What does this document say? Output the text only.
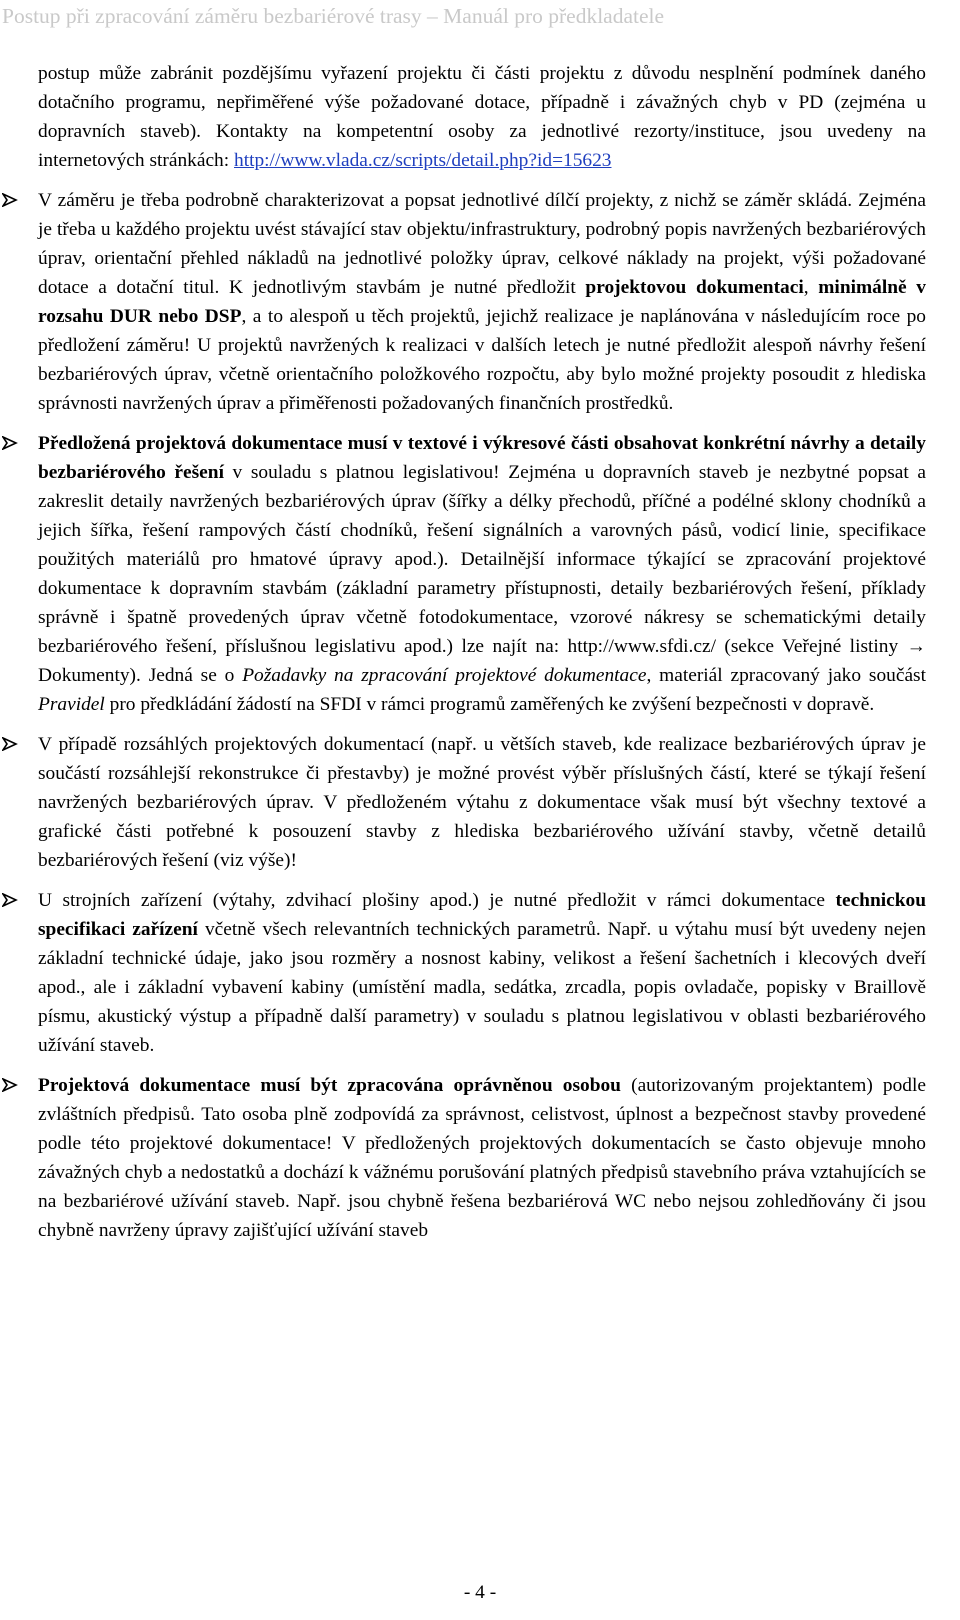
Postup při zpracování záměru bezbariérové trasy – Manuál pro předkladatele

postup může zabránit pozdějšímu vyřazení projektu či části projektu z důvodu nesplnění podmínek daného dotačního programu, nepřiměřené výše požadované dotace, případně i závažných chyb v PD (zejména u dopravních staveb). Kontakty na kompetentní osoby za jednotlivé rezorty/instituce, jsou uvedeny na internetových stránkách: http://www.vlada.cz/scripts/detail.php?id=15623

V záměru je třeba podrobně charakterizovat a popsat jednotlivé dílčí projekty, z nichž se záměr skládá. Zejména je třeba u každého projektu uvést stávající stav objektu/infrastruktury, podrobný popis navržených bezbariérových úprav, orientační přehled nákladů na jednotlivé položky úprav, celkové náklady na projekt, výši požadované dotace a dotační titul. K jednotlivým stavbám je nutné předložit projektovou dokumentaci, minimálně v rozsahu DUR nebo DSP, a to alespoň u těch projektů, jejichž realizace je naplánována v následujícím roce po předložení záměru! U projektů navržených k realizaci v dalších letech je nutné předložit alespoň návrhy řešení bezbariérových úprav, včetně orientačního položkového rozpočtu, aby bylo možné projekty posoudit z hlediska správnosti navržených úprav a přiměřenosti požadovaných finančních prostředků.

Předložená projektová dokumentace musí v textové i výkresové části obsahovat konkrétní návrhy a detaily bezbariérového řešení v souladu s platnou legislativou! Zejména u dopravních staveb je nezbytné popsat a zakreslit detaily navržených bezbariérových úprav (šířky a délky přechodů, příčné a podélné sklony chodníků a jejich šířka, řešení rampových částí chodníků, řešení signálních a varovných pásů, vodicí linie, specifikace použitých materiálů pro hmatové úpravy apod.). Detailnější informace týkající se zpracování projektové dokumentace k dopravním stavbám (základní parametry přístupnosti, detaily bezbariérových řešení, příklady správně i špatně provedených úprav včetně fotodokumentace, vzorové nákresy se schematickými detaily bezbariérového řešení, příslušnou legislativu apod.) lze najít na: http://www.sfdi.cz/ (sekce Veřejné listiny → Dokumenty). Jedná se o Požadavky na zpracování projektové dokumentace, materiál zpracovaný jako součást Pravidel pro předkládání žádostí na SFDI v rámci programů zaměřených ke zvýšení bezpečnosti v dopravě.

V případě rozsáhlých projektových dokumentací (např. u větších staveb, kde realizace bezbariérových úprav je součástí rozsáhlejší rekonstrukce či přestavby) je možné provést výběr příslušných částí, které se týkají řešení navržených bezbariérových úprav. V předloženém výtahu z dokumentace však musí být všechny textové a grafické části potřebné k posouzení stavby z hlediska bezbariérového užívání stavby, včetně detailů bezbariérových řešení (viz výše)!

U strojních zařízení (výtahy, zdvihací plošiny apod.) je nutné předložit v rámci dokumentace technickou specifikaci zařízení včetně všech relevantních technických parametrů. Např. u výtahu musí být uvedeny nejen základní technické údaje, jako jsou rozměry a nosnost kabiny, velikost a řešení šachetních i klecových dveří apod., ale i základní vybavení kabiny (umístění madla, sedátka, zrcadla, popis ovladače, popisky v Braillově písmu, akustický výstup a případně další parametry) v souladu s platnou legislativou v oblasti bezbariérového užívání staveb.

Projektová dokumentace musí být zpracována oprávněnou osobou (autorizovaným projektantem) podle zvláštních předpisů. Tato osoba plně zodpovídá za správnost, celistvost, úplnost a bezpečnost stavby provedené podle této projektové dokumentace! V předložených projektových dokumentacích se často objevuje mnoho závažných chyb a nedostatků a dochází k vážnému porušování platných předpisů stavebního práva vztahujících se na bezbariérové užívání staveb. Např. jsou chybně řešena bezbariérová WC nebo nejsou zohledňovány či jsou chybně navrženy úpravy zajišťující užívání staveb

- 4 -
